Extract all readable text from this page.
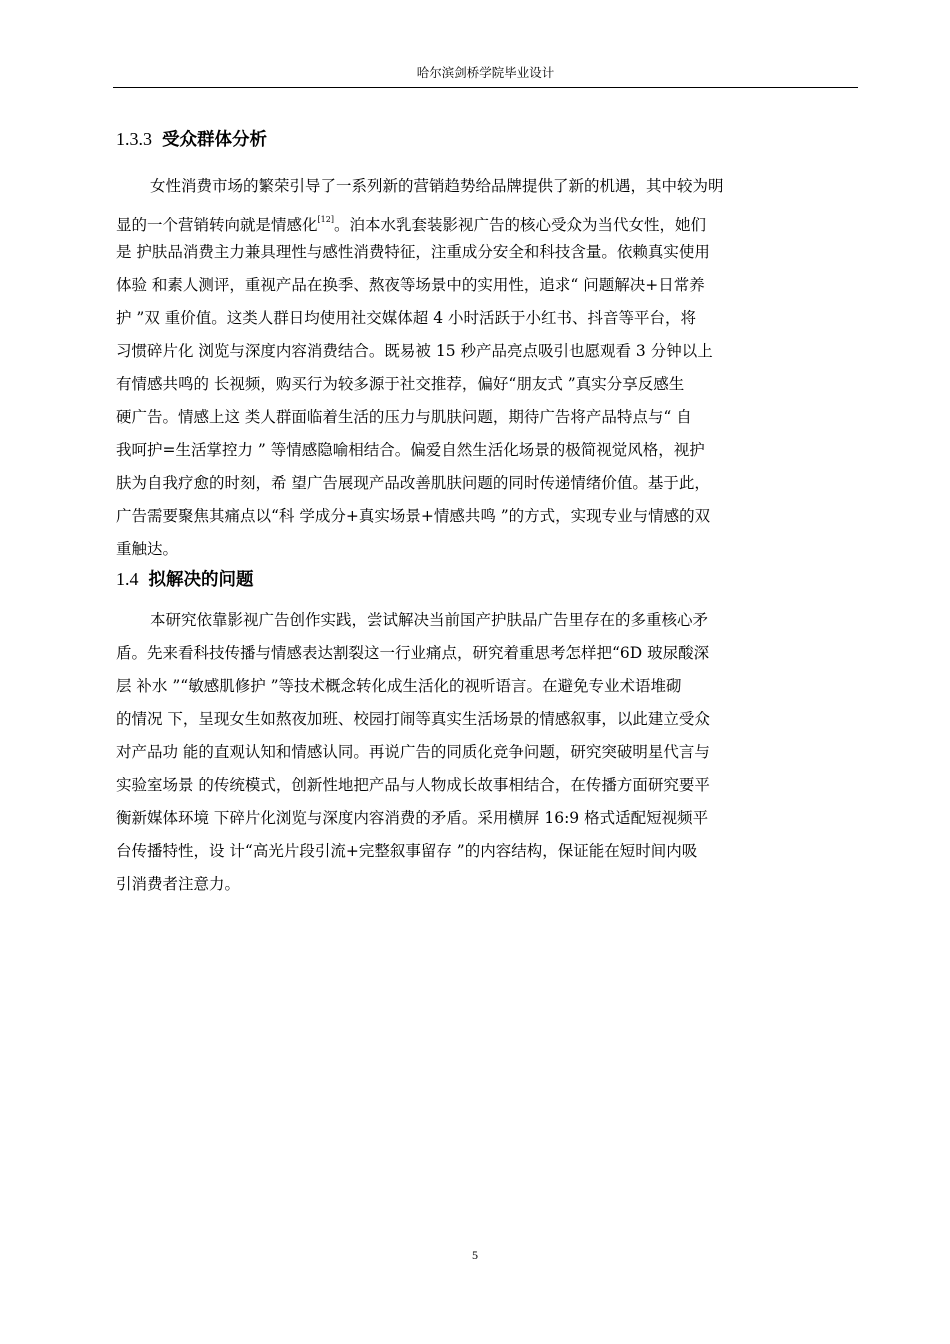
哈尔滨剑桥学院毕业设计
1.3.3 受众群体分析
女性消费市场的繁荣引导了一系列新的营销趋势给品牌提供了新的机遇，其中较为明
显的一个营销转向就是情感化[12]。泊本水乳套装影视广告的核心受众为当代女性，她们
是 护肤品消费主力兼具理性与感性消费特征，注重成分安全和科技含量。依赖真实使用
体验 和素人测评，重视产品在换季、熬夜等场景中的实用性，追求“ 问题解决+日常养
护 ”双 重价值。这类人群日均使用社交媒体超 4 小时活跃于小红书、抖音等平台，将
习惯碎片化 浏览与深度内容消费结合。既易被 15 秒产品亮点吸引也愿观看 3 分钟以上
有情感共鸣的 长视频，购买行为较多源于社交推荐，偏好“朋友式 ”真实分享反感生
硬广告。情感上这 类人群面临着生活的压力与肌肤问题，期待广告将产品特点与“ 自
我呵护=生活掌控力 ” 等情感隐喻相结合。偏爱自然生活化场景的极简视觉风格，视护
肤为自我疗愈的时刻，希 望广告展现产品改善肌肤问题的同时传递情绪价值。基于此，
广告需要聚焦其痛点以“科 学成分+真实场景+情感共鸣 ”的方式，实现专业与情感的双
重触达。
1.4 拟解决的问题
本研究依靠影视广告创作实践，尝试解决当前国产护肤品广告里存在的多重核心矛
盾。先来看科技传播与情感表达割裂这一行业痛点，研究着重思考怎样把“6D 玻尿酸深
层 补水 ”“敏感肌修护 ”等技术概念转化成生活化的视听语言。在避免专业术语堆砌
的情况 下，呈现女生如熬夜加班、校园打闹等真实生活场景的情感叙事，以此建立受众
对产品功 能的直观认知和情感认同。再说广告的同质化竞争问题，研究突破明星代言与
实验室场景 的传统模式，创新性地把产品与人物成长故事相结合，在传播方面研究要平
衡新媒体环境 下碎片化浏览与深度内容消费的矛盾。采用横屏 16:9 格式适配短视频平
台传播特性，设 计“高光片段引流+完整叙事留存 ”的内容结构，保证能在短时间内吸
引消费者注意力。
5
